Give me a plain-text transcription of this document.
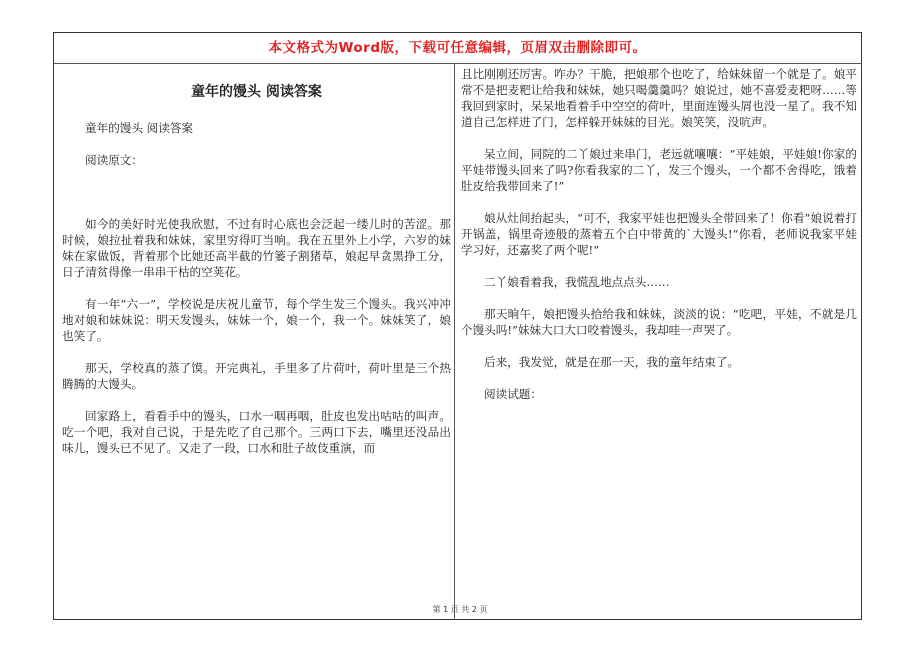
本文格式为Word版，下载可任意编辑，页眉双击删除即可。
童年的馒头 阅读答案

童年的馒头 阅读答案

阅读原文：

如今的美好时光使我欣慰，不过有时心底也会泛起一缕儿时的苦涩。那时候，娘拉扯着我和妹妹，家里穷得叮当响。我在五里外上小学，六岁的妹妹在家做饭，背着那个比她还高半截的竹篓子割猪草，娘起早贪黑挣工分，日子清贫得像一串串干枯的空荚花。

有一年“六一”，学校说是庆祝儿童节，每个学生发三个馒头。我兴冲冲地对娘和妹妹说：明天发馒头，妹妹一个，娘一个，我一个。妹妹笑了，娘也笑了。

那天，学校真的蒸了馍。开完典礼，手里多了片荷叶，荷叶里是三个热腾腾的大馒头。

回家路上，看看手中的馒头，口水一咽再咽，肚皮也发出咕咕的叫声。吃一个吧，我对自己说，于是先吃了自己那个。三两口下去，嘴里还没品出味儿，馒头已不见了。又走了一段，口水和肚子故伎重演，而

且比刚刚还厉害。咋办？干脆，把娘那个也吃了，给妹妹留一个就是了。娘平常不是把麦粑让给我和妹妹，她只喝羹羹吗？娘说过，她不喜爱麦粑呀……等我回到家时，呆呆地看着手中空空的荷叶，里面连馒头屑也没一星了。我不知道自己怎样进了门，怎样躲开妹妹的目光。娘笑笑，没吭声。

呆立间，同院的二丫娘过来串门，老远就嚷嚷：“平娃娘，平娃娘!你家的平娃带馒头回来了吗?你看我家的二丫，发三个馒头，一个都不舍得吃，饿着肚皮给我带回来了!”

娘从灶间抬起头，“可不，我家平娃也把馒头全带回来了！你看”娘说着打开锅盖，锅里奇迹般的蒸着五个白中带黄的`大馒头!“你看，老师说我家平娃学习好，还嘉奖了两个呢!”

二丫娘看着我，我慌乱地点点头……

那天晌午，娘把馒头拾给我和妹妹，淡淡的说：“吃吧，平娃，不就是几个馒头吗!”妹妹大口大口咬着馒头，我却哇一声哭了。

后来，我发觉，就是在那一天，我的童年结束了。

阅读试题：

第 1 页 共 2 页
